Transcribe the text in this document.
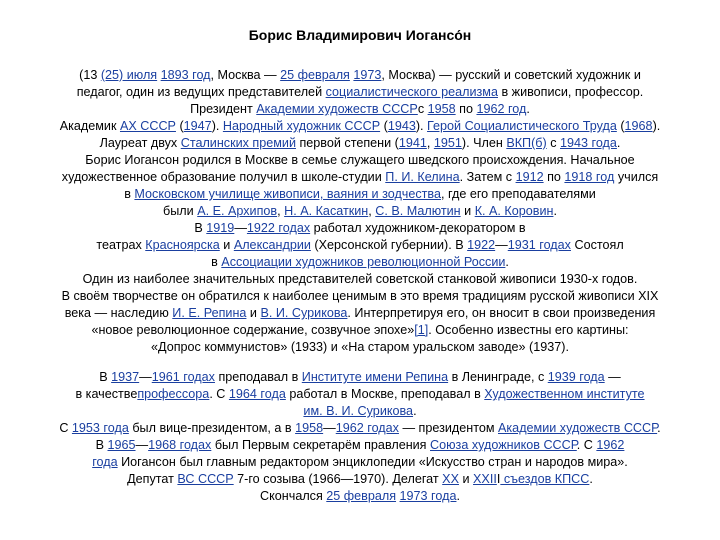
Борис Владимирович Иогансо́н
(13 (25) июля 1893 год, Москва — 25 февраля 1973, Москва) — русский и советский художник и
педагог, один из ведущих представителей социалистического реализма в живописи, профессор.
Президент Академии художеств СССРс 1958 по 1962 год.
Академик АХ СССР (1947). Народный художник СССР (1943). Герой Социалистического Труда (1968).
Лауреат двух Сталинских премий первой степени (1941, 1951). Член ВКП(б) с 1943 года.
Борис Иогансон родился в Москве в семье служащего шведского происхождения. Начальное
художественное образование получил в школе-студии П. И. Келина. Затем с 1912 по 1918 год учился
в Московском училище живописи, ваяния и зодчества, где его преподавателями
были А. Е. Архипов, Н. А. Касаткин, С. В. Малютин и К. А. Коровин.
В 1919—1922 годах работал художником-декоратором в
театрах Красноярска и Александрии (Херсонской губернии). В 1922—1931 годах Состоял
в Ассоциации художников революционной России.
Один из наиболее значительных представителей советской станковой живописи 1930-х годов.
В своём творчестве он обратился к наиболее ценимым в это время традициям русской живописи XIX
века — наследию И. Е. Репина и В. И. Сурикова. Интерпретируя его, он вносит в свои произведения
«новое революционное содержание, созвучное эпохе»[1]. Особенно известны его картины:
«Допрос коммунистов» (1933) и «На старом уральском заводе» (1937).
В 1937—1961 годах преподавал в Институте имени Репина в Ленинграде, с 1939 года —
в качествепрофессора. С 1964 года работал в Москве, преподавал в Художественном институте
им. В. И. Сурикова.
С 1953 года был вице-президентом, а в 1958—1962 годах — президентом Академии художеств СССР.
В 1965—1968 годах был Первым секретарём правления Союза художников СССР. С 1962
года Иогансон был главным редактором энциклопедии «Искусство стран и народов мира».
Депутат ВС СССР 7-го созыва (1966—1970). Делегат XX и XXIII съездов КПСС.
Скончался 25 февраля 1973 года.
